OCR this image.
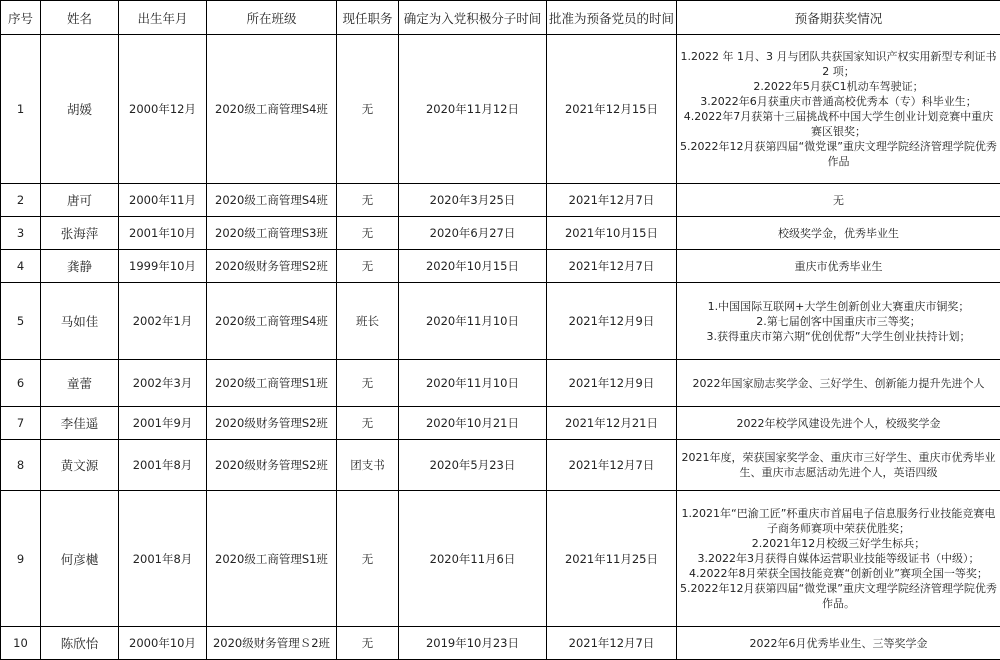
序号	姓名	出生年月	所在班级	现任职务	确定为入党积极分子时间	批准为预备党员的时间	预备期获奖情况
1	胡媛	2000年12月	2020级工商管理S4班	无	2020年11月12日	2021年12月15日	1.2022 年 1月、3 月与团队共获国家知识产权实用新型专利证书 2 项；
2.2022年5月获C1机动车驾驶证；
3.2022年6月获重庆市普通高校优秀本（专）科毕业生；
4.2022年7月获第十三届挑战杯中国大学生创业计划竞赛中重庆赛区银奖；
5.2022年12月获第四届“微党课”重庆文理学院经济管理学院优秀作品

2	唐可	2000年11月	2020级工商管理S4班	无	2020年3月25日	2021年12月7日	无

3	张海萍	2001年10月	2020级工商管理S3班	无	2020年6月27日	2021年10月15日	校级奖学金，优秀毕业生

4	龚静	1999年10月	2020级财务管理S2班	无	2020年10月15日	2021年12月7日	重庆市优秀毕业生

5	马如佳	2002年1月	2020级工商管理S4班	班长	2020年11月10日	2021年12月9日	1.中国国际互联网+大学生创新创业大赛重庆市铜奖；
2.第七届创客中国重庆市三等奖；
3.获得重庆市第六期“优创优帮”大学生创业扶持计划；

6	童蕾	2002年3月	2020级工商管理S1班	无	2020年11月10日	2021年12月9日	2022年国家励志奖学金、三好学生、创新能力提升先进个人

7	李佳遥	2001年9月	2020级财务管理S2班	无	2020年10月21日	2021年12月21日	2022年校学风建设先进个人，校级奖学金

8	黄文源	2001年8月	2020级财务管理S2班	团支书	2020年5月23日	2021年12月7日	2021年度，荣获国家奖学金、重庆市三好学生、重庆市优秀毕业生、重庆市志愿活动先进个人，英语四级

9	何彦樾	2001年8月	2020级工商管理S1班	无	2020年11月6日	2021年11月25日	1.2021年“巴渝工匠”杯重庆市首届电子信息服务行业技能竞赛电子商务师赛项中荣获优胜奖；
2.2021年12月校级三好学生标兵；
3.2022年3月获得自媒体运营职业技能等级证书（中级）；4.2022年8月荣获全国技能竞赛“创新创业”赛项全国一等奖；
5.2022年12月获第四届“微党课”重庆文理学院经济管理学院优秀作品。

10	陈欣怡	2000年10月	2020级财务管理Ｓ2班	无	2019年10月23日	2021年12月7日	2022年6月优秀毕业生、三等奖学金
